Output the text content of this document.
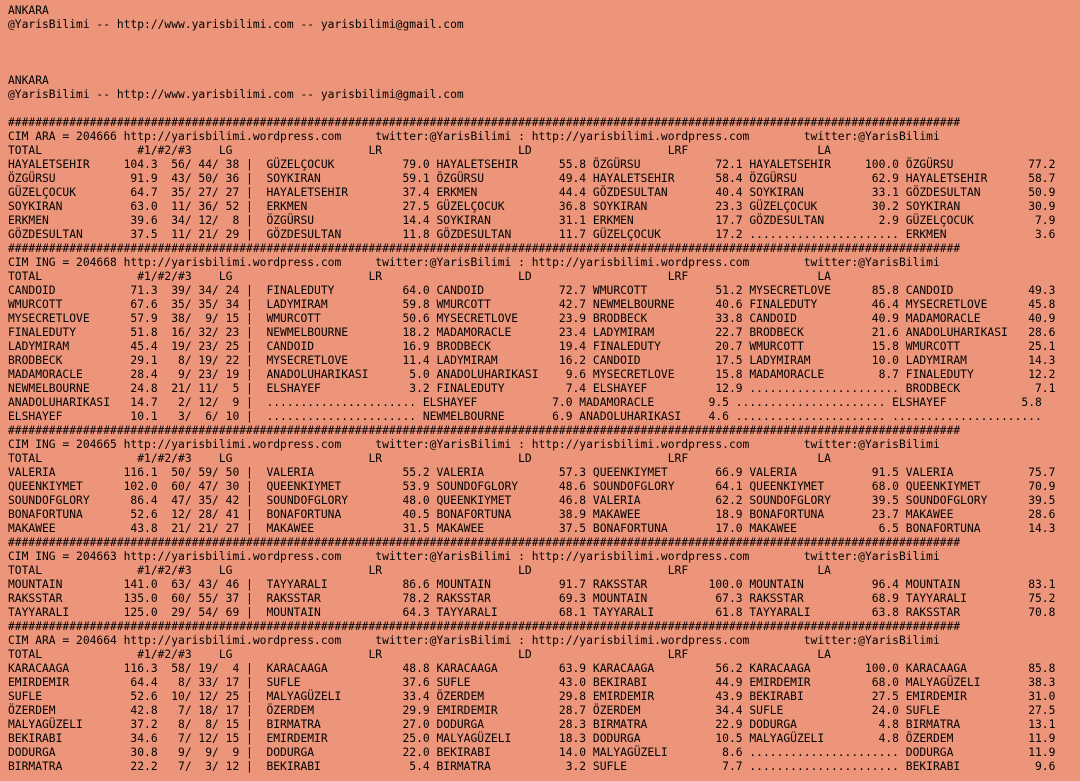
ANKARA
@YarisBilimi -- http://www.yarisbilimi.com -- yarisbilimi@gmail.com
ANKARA
@YarisBilimi -- http://www.yarisbilimi.com -- yarisbilimi@gmail.com
############################################################################################################################################
CIM ARA = 204666 http://yarisbilimi.wordpress.com     twitter:@YarisBilimi : http://yarisbilimi.wordpress.com        twitter:@YarisBilimi
TOTAL              #1/#2/#3    LG                    LR                    LD                    LRF                   LA
HAYALETSEHIR     104.3  56/ 44/ 38 |  GÜZELÇOCUK          79.0 HAYALETSEHIR      55.8 ÖZGÜRSU           72.1 HAYALETSEHIR     100.0 ÖZGÜRSU           77.2
ÖZGÜRSU           91.9  43/ 50/ 36 |  SOYKIRAN            59.1 ÖZGÜRSU           49.4 HAYALETSEHIR      58.4 ÖZGÜRSU           62.9 HAYALETSEHIR      58.7
GÜZELÇOCUK        64.7  35/ 27/ 27 |  HAYALETSEHIR        37.4 ERKMEN            44.4 GÖZDESULTAN       40.4 SOYKIRAN          33.1 GÖZDESULTAN       50.9
SOYKIRAN          63.0  11/ 36/ 52 |  ERKMEN              27.5 GÜZELÇOCUK        36.8 SOYKIRAN          23.3 GÜZELÇOCUK        30.2 SOYKIRAN          30.9
ERKMEN            39.6  34/ 12/  8 |  ÖZGÜRSU             14.4 SOYKIRAN          31.1 ERKMEN            17.7 GÖZDESULTAN        2.9 GÜZELÇOCUK         7.9
GÖZDESULTAN       37.5  11/ 21/ 29 |  GÖZDESULTAN         11.8 GÖZDESULTAN       11.7 GÜZELÇOCUK        17.2 ...................... ERKMEN             3.6
############################################################################################################################################
CIM ING = 204668 http://yarisbilimi.wordpress.com     twitter:@YarisBilimi : http://yarisbilimi.wordpress.com        twitter:@YarisBilimi
TOTAL              #1/#2/#3    LG                    LR                    LD                    LRF                   LA
CANDOID           71.3  39/ 34/ 24 |  FINALEDUTY          64.0 CANDOID           72.7 WMURCOTT          51.2 MYSECRETLOVE      85.8 CANDOID           49.3
WMURCOTT          67.6  35/ 35/ 34 |  LADYMIRAM           59.8 WMURCOTT          42.7 NEWMELBOURNE      40.6 FINALEDUTY        46.4 MYSECRETLOVE      45.8
MYSECRETLOVE      57.9  38/  9/ 15 |  WMURCOTT            50.6 MYSECRETLOVE      23.9 BRODBECK          33.8 CANDOID           40.9 MADAMORACLE       40.9
FINALEDUTY        51.8  16/ 32/ 23 |  NEWMELBOURNE        18.2 MADAMORACLE       23.4 LADYMIRAM         22.7 BRODBECK          21.6 ANADOLUHARIKASI   28.6
LADYMIRAM         45.4  19/ 23/ 25 |  CANDOID             16.9 BRODBECK          19.4 FINALEDUTY        20.7 WMURCOTT          15.8 WMURCOTT          25.1
BRODBECK          29.1   8/ 19/ 22 |  MYSECRETLOVE        11.4 LADYMIRAM         16.2 CANDOID           17.5 LADYMIRAM         10.0 LADYMIRAM         14.3
MADAMORACLE       28.4   9/ 23/ 19 |  ANADOLUHARIKASI      5.0 ANADOLUHARIKASI    9.6 MYSECRETLOVE      15.8 MADAMORACLE        8.7 FINALEDUTY        12.2
NEWMELBOURNE      24.8  21/ 11/  5 |  ELSHAYEF             3.2 FINALEDUTY         7.4 ELSHAYEF          12.9 ...................... BRODBECK           7.1
ANADOLUHARIKASI   14.7   2/ 12/  9 |  ...................... ELSHAYEF           7.0 MADAMORACLE        9.5 ...................... ELSHAYEF           5.8
ELSHAYEF          10.1   3/  6/ 10 |  ...................... NEWMELBOURNE       6.9 ANADOLUHARIKASI    4.6 ...................... ......................
############################################################################################################################################
CIM ING = 204665 http://yarisbilimi.wordpress.com     twitter:@YarisBilimi : http://yarisbilimi.wordpress.com        twitter:@YarisBilimi
TOTAL              #1/#2/#3    LG                    LR                    LD                    LRF                   LA
VALERIA          116.1  50/ 59/ 50 |  VALERIA             55.2 VALERIA           57.3 QUEENKIYMET       66.9 VALERIA           91.5 VALERIA           75.7
QUEENKIYMET      102.0  60/ 47/ 30 |  QUEENKIYMET         53.9 SOUNDOFGLORY      48.6 SOUNDOFGLORY      64.1 QUEENKIYMET       68.0 QUEENKIYMET       70.9
SOUNDOFGLORY      86.4  47/ 35/ 42 |  SOUNDOFGLORY        48.0 QUEENKIYMET       46.8 VALERIA           62.2 SOUNDOFGLORY      39.5 SOUNDOFGLORY      39.5
BONAFORTUNA       52.6  12/ 28/ 41 |  BONAFORTUNA         40.5 BONAFORTUNA       38.9 MAKAWEE           18.9 BONAFORTUNA       23.7 MAKAWEE           28.6
MAKAWEE           43.8  21/ 21/ 27 |  MAKAWEE             31.5 MAKAWEE           37.5 BONAFORTUNA       17.0 MAKAWEE            6.5 BONAFORTUNA       14.3
############################################################################################################################################
CIM ING = 204663 http://yarisbilimi.wordpress.com     twitter:@YarisBilimi : http://yarisbilimi.wordpress.com        twitter:@YarisBilimi
TOTAL              #1/#2/#3    LG                    LR                    LD                    LRF                   LA
MOUNTAIN         141.0  63/ 43/ 46 |  TAYYARALI           86.6 MOUNTAIN          91.7 RAKSSTAR         100.0 MOUNTAIN          96.4 MOUNTAIN          83.1
RAKSSTAR         135.0  60/ 55/ 37 |  RAKSSTAR            78.2 RAKSSTAR          69.3 MOUNTAIN          67.3 RAKSSTAR          68.9 TAYYARALI         75.2
TAYYARALI        125.0  29/ 54/ 69 |  MOUNTAIN            64.3 TAYYARALI         68.1 TAYYARALI         61.8 TAYYARALI         63.8 RAKSSTAR          70.8
############################################################################################################################################
CIM ARA = 204664 http://yarisbilimi.wordpress.com     twitter:@YarisBilimi : http://yarisbilimi.wordpress.com        twitter:@YarisBilimi
TOTAL              #1/#2/#3    LG                    LR                    LD                    LRF                   LA
KARACAAGA        116.3  58/ 19/  4 |  KARACAAGA           48.8 KARACAAGA         63.9 KARACAAGA         56.2 KARACAAGA        100.0 KARACAAGA         85.8
EMIRDEMIR         64.4   8/ 33/ 17 |  SUFLE               37.6 SUFLE             43.0 BEKIRABI          44.9 EMIRDEMIR         68.0 MALYAGÜZELI       38.3
SUFLE             52.6  10/ 12/ 25 |  MALYAGÜZELI         33.4 ÖZERDEM           29.8 EMIRDEMIR         43.9 BEKIRABI          27.5 EMIRDEMIR         31.0
ÖZERDEM           42.8   7/ 18/ 17 |  ÖZERDEM             29.9 EMIRDEMIR         28.7 ÖZERDEM           34.4 SUFLE             24.0 SUFLE             27.5
MALYAGÜZELI       37.2   8/  8/ 15 |  BIRMATRA            27.0 DODURGA           28.3 BIRMATRA          22.9 DODURGA            4.8 BIRMATRA          13.1
BEKIRABI          34.6   7/ 12/ 15 |  EMIRDEMIR           25.0 MALYAGÜZELI       18.3 DODURGA           10.5 MALYAGÜZELI        4.8 ÖZERDEM           11.9
DODURGA           30.8   9/  9/  9 |  DODURGA             22.0 BEKIRABI          14.0 MALYAGÜZELI        8.6 ...................... DODURGA           11.9
BIRMATRA          22.2   7/  3/ 12 |  BEKIRABI             5.4 BIRMATRA           3.2 SUFLE              7.7 ...................... BEKIRABI           9.6
